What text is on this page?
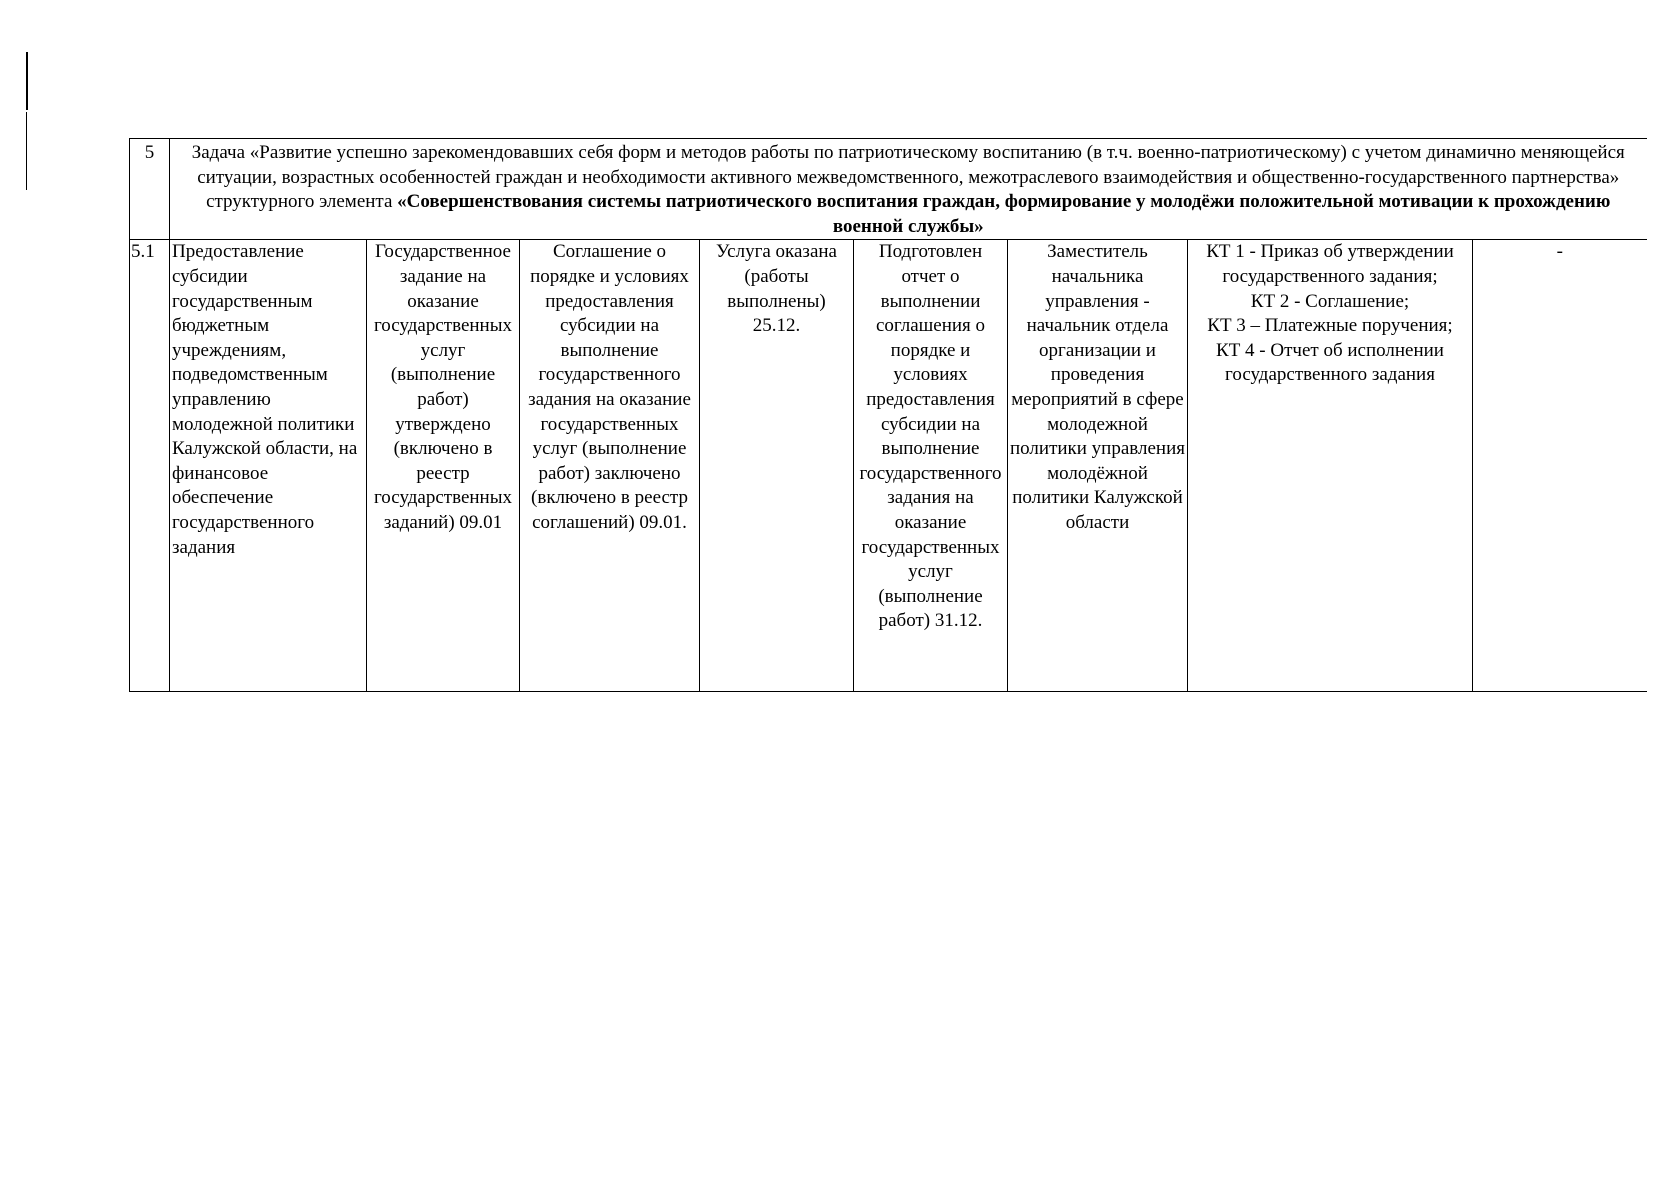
5	Задача «Развитие успешно зарекомендовавших себя форм и методов работы по патриотическому воспитанию (в т.ч. военно-патриотическому) с учетом динамично меняющейся ситуации, возрастных особенностей граждан и необходимости активного межведомственного, межотраслевого взаимодействия и общественно-государственного партнерства» структурного элемента «Совершенствования системы патриотического воспитания граждан, формирование у молодёжи положительной мотивации к прохождению военной службы»							
5.1	Предоставление субсидии государственным бюджетным учреждениям, подведомственным управлению молодежной политики Калужской области, на финансовое обеспечение государственного задания	Государственное задание на оказание государственных услуг (выполнение работ) утверждено (включено в реестр государственных заданий) 09.01	Соглашение о порядке и условиях предоставления субсидии на выполнение государственного задания на оказание государственных услуг (выполнение работ) заключено (включено в реестр соглашений) 09.01.	Услуга оказана (работы выполнены) 25.12.	Подготовлен отчет о выполнении соглашения о порядке и условиях предоставления субсидии на выполнение государственного задания на оказание государственных услуг (выполнение работ) 31.12.	Заместитель начальника управления - начальник отдела организации и проведения мероприятий в сфере молодежной политики управления молодёжной политики Калужской области	КТ 1 - Приказ об утверждении государственного задания;
КТ 2 - Соглашение;
КТ 3 – Платежные поручения;
КТ 4 - Отчет об исполнении государственного задания	-
